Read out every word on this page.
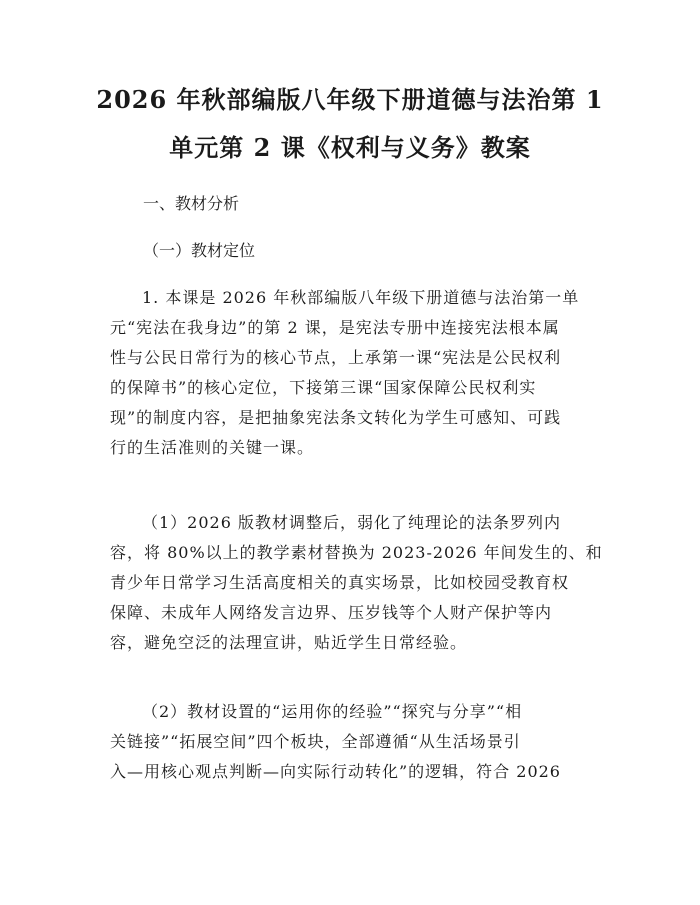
2026 年秋部编版八年级下册道德与法治第 1
单元第 2 课《权利与义务》教案

一、教材分析

（一）教材定位

1. 本课是 2026 年秋部编版八年级下册道德与法治第一单
元“宪法在我身边”的第 2 课，是宪法专册中连接宪法根本属
性与公民日常行为的核心节点，上承第一课“宪法是公民权利
的保障书”的核心定位，下接第三课“国家保障公民权利实
现”的制度内容，是把抽象宪法条文转化为学生可感知、可践
行的生活准则的关键一课。
（1）2026 版教材调整后，弱化了纯理论的法条罗列内
容，将 80%以上的教学素材替换为 2023-2026 年间发生的、和
青少年日常学习生活高度相关的真实场景，比如校园受教育权
保障、未成年人网络发言边界、压岁钱等个人财产保护等内
容，避免空泛的法理宣讲，贴近学生日常经验。
（2）教材设置的“运用你的经验”“探究与分享”“相
关链接”“拓展空间”四个板块，全部遵循“从生活场景引
入—用核心观点判断—向实际行动转化”的逻辑，符合 2026
